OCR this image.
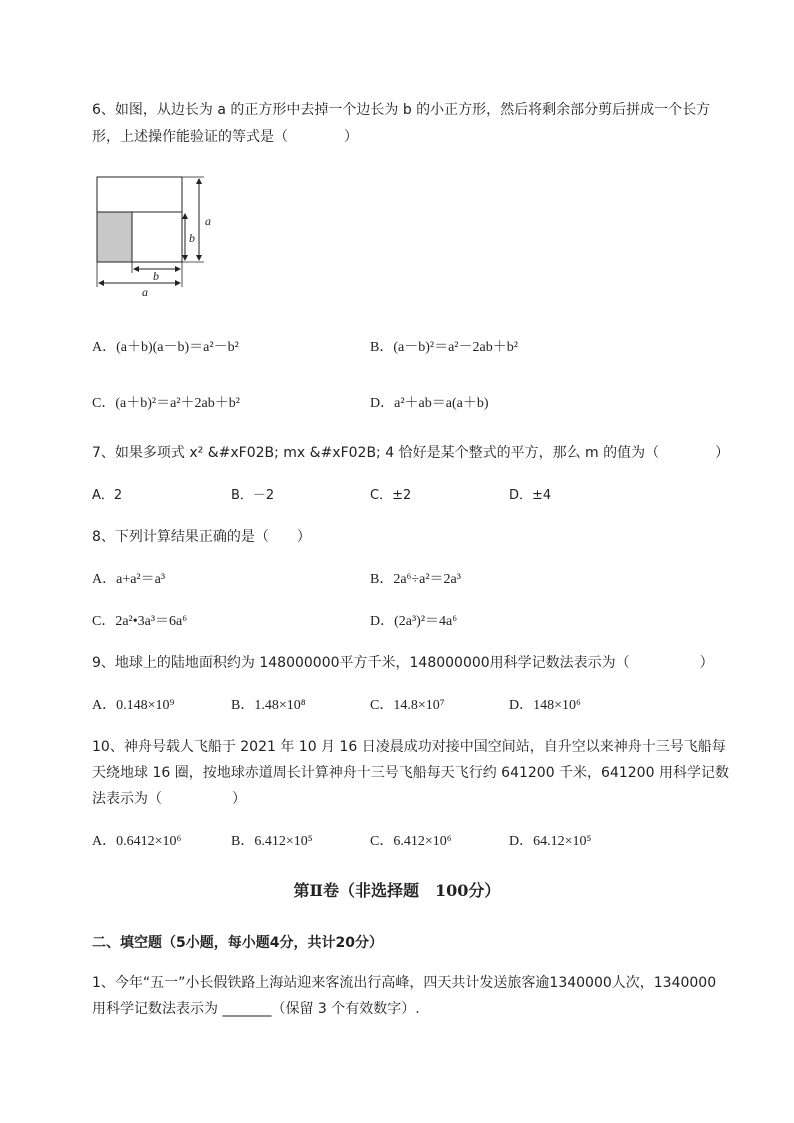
6、如图，从边长为 a 的正方形中去掉一个边长为 b 的小正方形，然后将剩余部分剪后拼成一个长方
形，上述操作能验证的等式是（　　　　）
a
b
b
a
A．(a＋b)(a－b)＝a²－b²	B．(a－b)²＝a²－2ab＋b²
C．(a＋b)²＝a²＋2ab＋b²	D．a²＋ab＝a(a＋b)
7、如果多项式 x² &#xF02B; mx &#xF02B; 4 恰好是某个整式的平方，那么 m 的值为（　　　　）
A．2	B．－2	C．±2	D．±4
8、下列计算结果正确的是（　　）
A．a+a²＝a³	B．2a⁶÷a²＝2a³
C．2a²•3a³＝6a⁶	D．(2a³)²＝4a⁶
9、地球上的陆地面积约为 148000000平方千米，148000000用科学记数法表示为（　　　　　）
A．0.148×10⁹	B．1.48×10⁸	C．14.8×10⁷	D．148×10⁶
10、神舟号载人飞船于 2021 年 10 月 16 日凌晨成功对接中国空间站，自升空以来神舟十三号飞船每
天绕地球 16 圈，按地球赤道周长计算神舟十三号飞船每天飞行约 641200 千米，641200 用科学记数
法表示为（　　　　　）
A．0.6412×10⁶	B．6.412×10⁵	C．6.412×10⁶	D．64.12×10⁵
第Ⅱ卷（非选择题　100分）
二、填空题（5小题，每小题4分，共计20分）
1、今年“五一”小长假铁路上海站迎来客流出行高峰，四天共计发送旅客逾1340000人次，1340000
用科学记数法表示为 _______（保留 3 个有效数字）.
